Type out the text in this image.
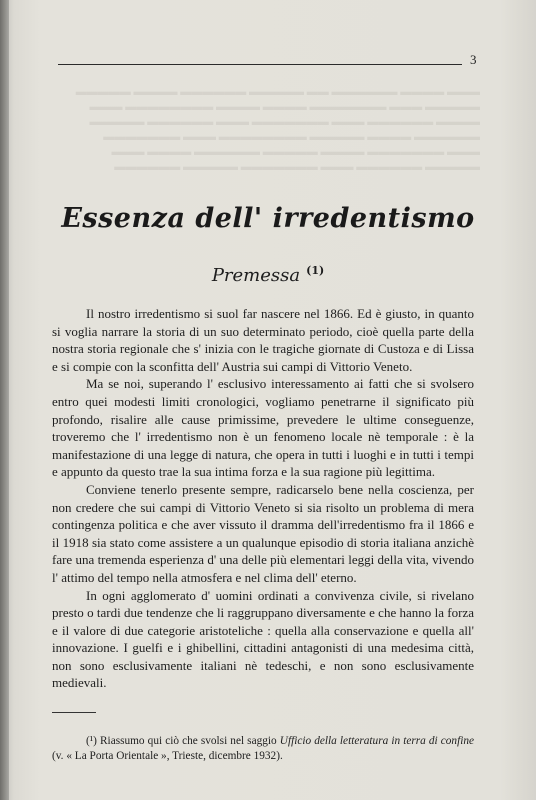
▬▬▬ ▬▬▬▬ ▬▬▬▬▬▬ ▬▬ ▬▬▬▬▬ ▬▬▬▬▬▬ ▬▬▬▬ ▬▬▬▬▬
▬▬▬▬▬ ▬▬▬ ▬▬▬▬▬▬▬ ▬▬▬▬ ▬▬▬▬ ▬▬▬▬▬▬▬▬ ▬▬▬
▬▬▬▬ ▬▬▬▬▬▬ ▬▬▬ ▬▬▬▬▬▬▬ ▬▬▬ ▬▬▬▬▬▬ ▬▬▬▬▬
▬▬▬▬▬▬ ▬▬▬▬ ▬▬▬▬▬ ▬▬▬▬▬▬▬▬ ▬▬▬ ▬▬▬▬▬▬▬
▬▬▬ ▬▬▬▬▬▬▬ ▬▬▬▬ ▬▬▬▬▬ ▬▬▬▬▬▬ ▬▬▬▬ ▬▬▬
▬▬▬▬▬ ▬▬▬▬▬▬ ▬▬▬ ▬▬▬▬▬▬▬ ▬▬▬▬▬ ▬▬▬▬▬▬
3
Essenza dell' irredentismo
Premessa $^{(1)}$

Il nostro irredentismo si suol far nascere nel 1866. Ed è giusto, in quanto si voglia narrare la storia di un suo determinato periodo, cioè quella parte della nostra storia regionale che s' inizia con le tragiche giornate di Custoza e di Lissa e si compie con la sconfitta dell' Austria sui campi di Vittorio Veneto.

Ma se noi, superando l' esclusivo interessamento ai fatti che si svolsero entro quei modesti limiti cronologici, vogliamo penetrarne il significato più profondo, risalire alle cause primissime, prevedere le ultime conseguenze, troveremo che l' irredentismo non è un fenomeno locale nè temporale : è la manifestazione di una legge di natura, che opera in tutti i luoghi e in tutti i tempi e appunto da questo trae la sua intima forza e la sua ragione più legittima.

Conviene tenerlo presente sempre, radicarselo bene nella coscienza, per non credere che sui campi di Vittorio Veneto si sia risolto un problema di mera contingenza politica e che aver vissuto il dramma dell'irredentismo fra il 1866 e il 1918 sia stato come assistere a un qualunque episodio di storia italiana anzichè fare una tremenda esperienza d' una delle più elementari leggi della vita, vivendo l' attimo del tempo nella atmosfera e nel clima dell' eterno.

In ogni agglomerato d' uomini ordinati a convivenza civile, si rivelano presto o tardi due tendenze che li raggruppano diversamente e che hanno la forza e il valore di due categorie aristoteliche : quella alla conservazione e quella all' innovazione. I guelfi e i ghibellini, cittadini antagonisti di una medesima città, non sono esclusivamente italiani nè tedeschi, e non sono esclusivamente medievali.

(¹) Riassumo qui ciò che svolsi nel saggio Ufficio della letteratura in terra di confine (v. « La Porta Orientale », Trieste, dicembre 1932).
